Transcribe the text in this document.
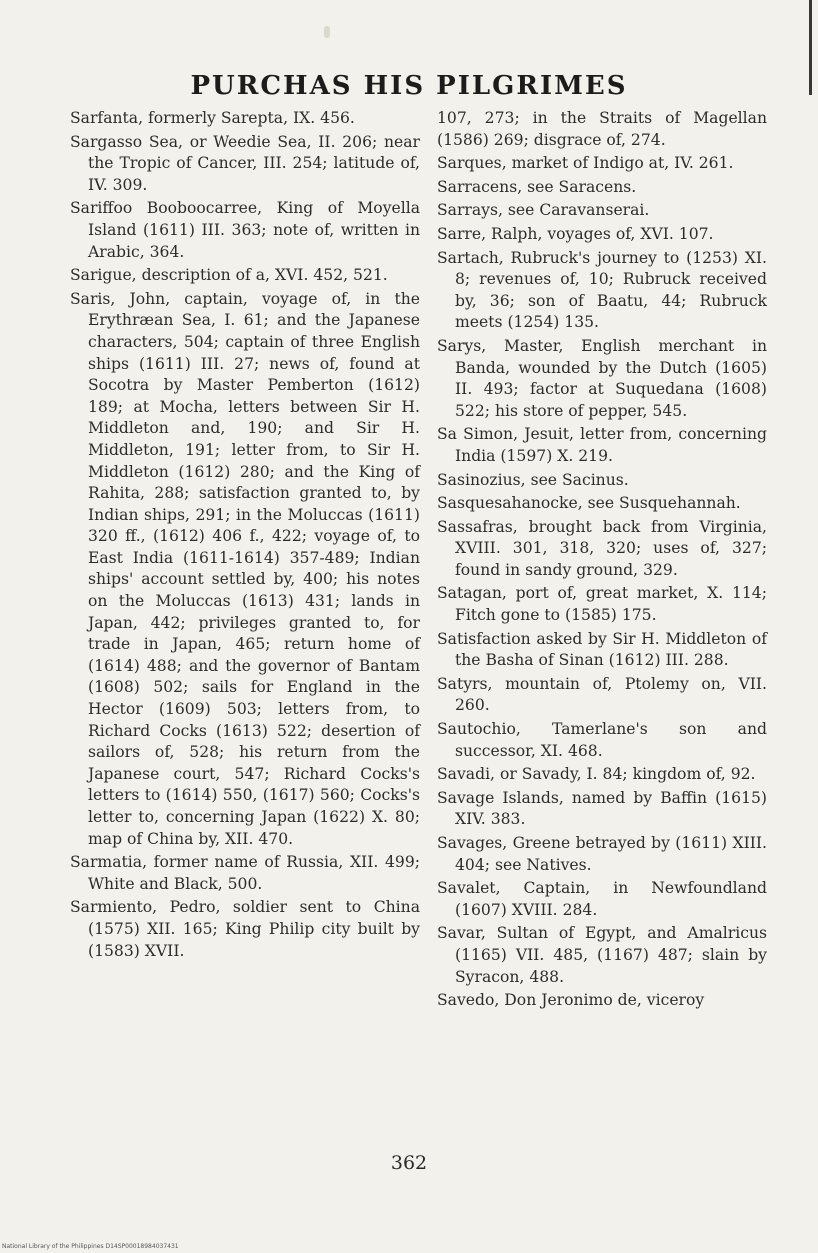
PURCHAS HIS PILGRIMES

Sarfanta, formerly Sarepta, IX. 456.

Sargasso Sea, or Weedie Sea, II. 206; near the Tropic of Cancer, III. 254; latitude of, IV. 309.

Sariffoo Booboocarree, King of Moyella Island (1611) III. 363; note of, written in Arabic, 364.

Sarigue, description of a, XVI. 452, 521.

Saris, John, captain, voyage of, in the Erythræan Sea, I. 61; and the Japanese characters, 504; captain of three English ships (1611) III. 27; news of, found at Socotra by Master Pemberton (1612) 189; at Mocha, letters between Sir H. Middleton and, 190; and Sir H. Middleton, 191; letter from, to Sir H. Middleton (1612) 280; and the King of Rahita, 288; satisfaction granted to, by Indian ships, 291; in the Moluccas (1611) 320 ff., (1612) 406 f., 422; voyage of, to East India (1611-1614) 357-489; Indian ships' account settled by, 400; his notes on the Moluccas (1613) 431; lands in Japan, 442; privileges granted to, for trade in Japan, 465; return home of (1614) 488; and the governor of Bantam (1608) 502; sails for England in the Hector (1609) 503; letters from, to Richard Cocks (1613) 522; desertion of sailors of, 528; his return from the Japanese court, 547; Richard Cocks's letters to (1614) 550, (1617) 560; Cocks's letter to, concerning Japan (1622) X. 80; map of China by, XII. 470.

Sarmatia, former name of Russia, XII. 499; White and Black, 500.

Sarmiento, Pedro, soldier sent to China (1575) XII. 165; King Philip city built by (1583) XVII.

107, 273; in the Straits of Magellan (1586) 269; disgrace of, 274.

Sarques, market of Indigo at, IV. 261.

Sarracens, see Saracens.

Sarrays, see Caravanserai.

Sarre, Ralph, voyages of, XVI. 107.

Sartach, Rubruck's journey to (1253) XI. 8; revenues of, 10; Rubruck received by, 36; son of Baatu, 44; Rubruck meets (1254) 135.

Sarys, Master, English merchant in Banda, wounded by the Dutch (1605) II. 493; factor at Suquedana (1608) 522; his store of pepper, 545.

Sa Simon, Jesuit, letter from, concerning India (1597) X. 219.

Sasinozius, see Sacinus.

Sasquesahanocke, see Susquehannah.

Sassafras, brought back from Virginia, XVIII. 301, 318, 320; uses of, 327; found in sandy ground, 329.

Satagan, port of, great market, X. 114; Fitch gone to (1585) 175.

Satisfaction asked by Sir H. Middleton of the Basha of Sinan (1612) III. 288.

Satyrs, mountain of, Ptolemy on, VII. 260.

Sautochio, Tamerlane's son and successor, XI. 468.

Savadi, or Savady, I. 84; kingdom of, 92.

Savage Islands, named by Baffin (1615) XIV. 383.

Savages, Greene betrayed by (1611) XIII. 404; see Natives.

Savalet, Captain, in Newfoundland (1607) XVIII. 284.

Savar, Sultan of Egypt, and Amalricus (1165) VII. 485, (1167) 487; slain by Syracon, 488.

Savedo, Don Jeronimo de, viceroy

362
National Library of the Philippines D14SP00018984037431
